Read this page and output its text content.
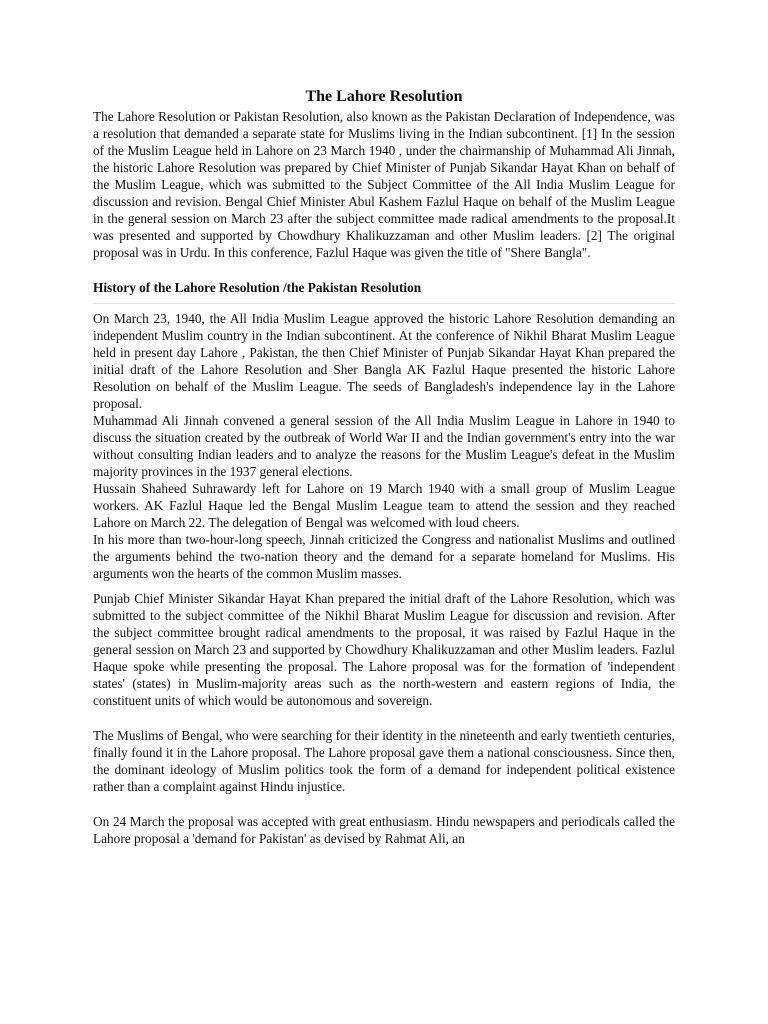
The Lahore Resolution

The Lahore Resolution or Pakistan Resolution, also known as the Pakistan Declaration of Independence, was a resolution that demanded a separate state for Muslims living in the Indian subcontinent. [1] In the session of the Muslim League held in Lahore on 23 March 1940 , under the chairmanship of Muhammad Ali Jinnah, the historic Lahore Resolution was prepared by Chief Minister of Punjab Sikandar Hayat Khan on behalf of the Muslim League, which was submitted to the Subject Committee of the All India Muslim League for discussion and revision. Bengal Chief Minister Abul Kashem Fazlul Haque on behalf of the Muslim League in the general session on March 23 after the subject committee made radical amendments to the proposal.It was presented and supported by Chowdhury Khalikuzzaman and other Muslim leaders. [2] The original proposal was in Urdu. In this conference, Fazlul Haque was given the title of "Shere Bangla".

History of the Lahore Resolution /the Pakistan Resolution

On March 23, 1940, the All India Muslim League approved the historic Lahore Resolution demanding an independent Muslim country in the Indian subcontinent. At the conference of Nikhil Bharat Muslim League held in present day Lahore , Pakistan, the then Chief Minister of Punjab Sikandar Hayat Khan prepared the initial draft of the Lahore Resolution and Sher Bangla AK Fazlul Haque presented the historic Lahore Resolution on behalf of the Muslim League. The seeds of Bangladesh's independence lay in the Lahore proposal.

Muhammad Ali Jinnah convened a general session of the All India Muslim League in Lahore in 1940 to discuss the situation created by the outbreak of World War II and the Indian government's entry into the war without consulting Indian leaders and to analyze the reasons for the Muslim League's defeat in the Muslim majority provinces in the 1937 general elections.

Hussain Shaheed Suhrawardy left for Lahore on 19 March 1940 with a small group of Muslim League workers. AK Fazlul Haque led the Bengal Muslim League team to attend the session and they reached Lahore on March 22. The delegation of Bengal was welcomed with loud cheers.

In his more than two-hour-long speech, Jinnah criticized the Congress and nationalist Muslims and outlined the arguments behind the two-nation theory and the demand for a separate homeland for Muslims. His arguments won the hearts of the common Muslim masses.

Punjab Chief Minister Sikandar Hayat Khan prepared the initial draft of the Lahore Resolution, which was submitted to the subject committee of the Nikhil Bharat Muslim League for discussion and revision. After the subject committee brought radical amendments to the proposal, it was raised by Fazlul Haque in the general session on March 23 and supported by Chowdhury Khalikuzzaman and other Muslim leaders. Fazlul Haque spoke while presenting the proposal. The Lahore proposal was for the formation of 'independent states' (states) in Muslim-majority areas such as the north-western and eastern regions of India, the constituent units of which would be autonomous and sovereign.

The Muslims of Bengal, who were searching for their identity in the nineteenth and early twentieth centuries, finally found it in the Lahore proposal. The Lahore proposal gave them a national consciousness. Since then, the dominant ideology of Muslim politics took the form of a demand for independent political existence rather than a complaint against Hindu injustice.

On 24 March the proposal was accepted with great enthusiasm. Hindu newspapers and periodicals called the Lahore proposal a 'demand for Pakistan' as devised by Rahmat Ali, an
